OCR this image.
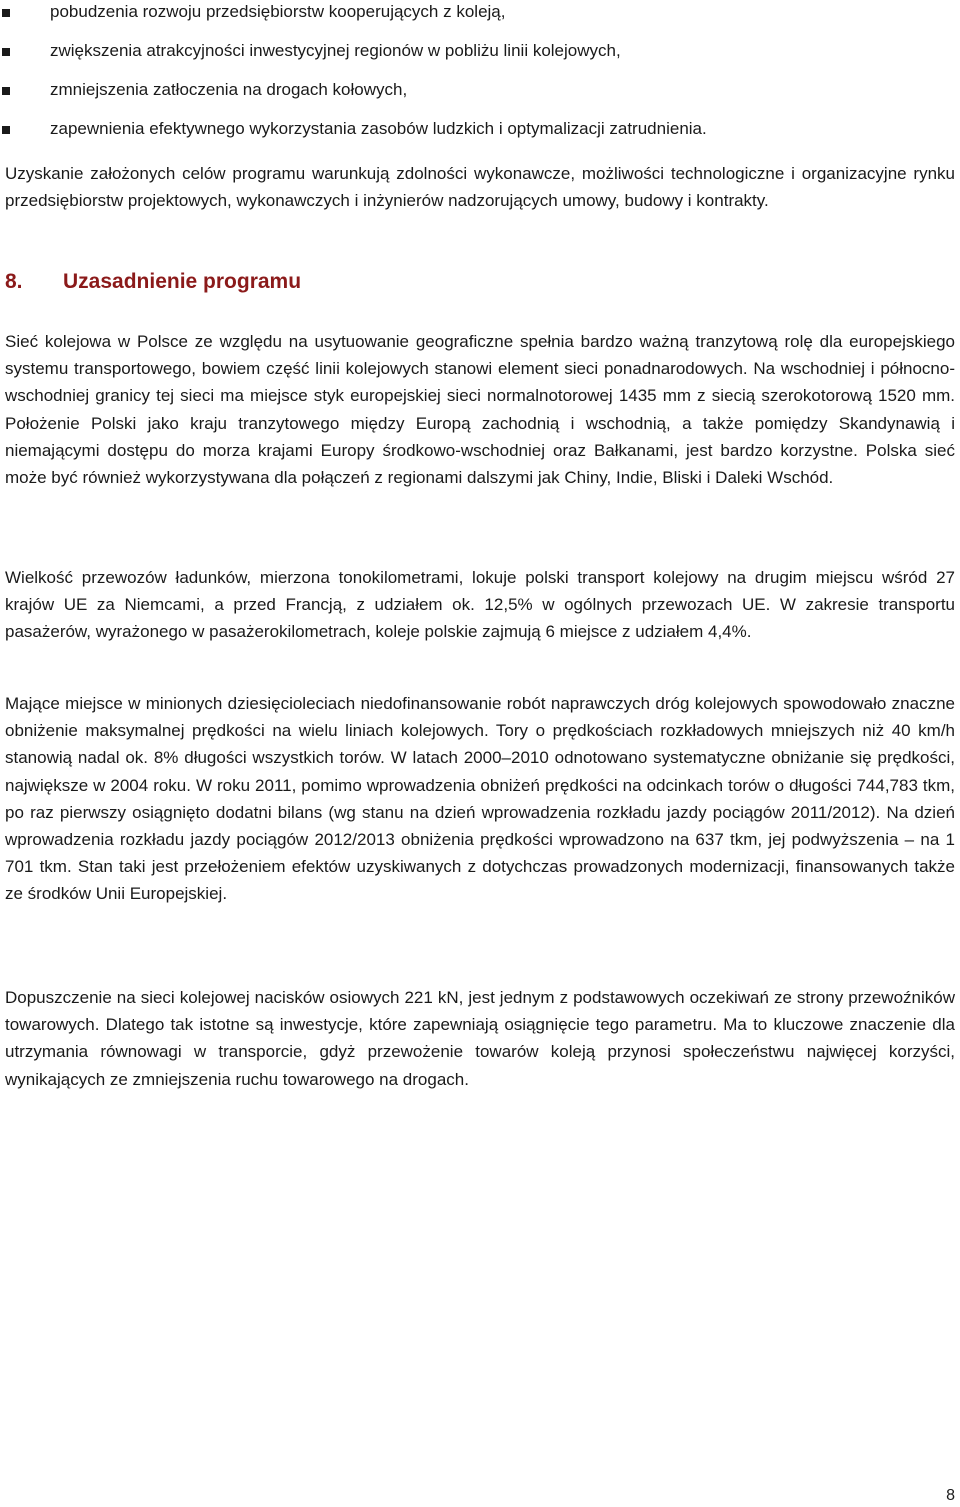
pobudzenia rozwoju przedsiębiorstw kooperujących z koleją,
zwiększenia atrakcyjności inwestycyjnej regionów w pobliżu linii kolejowych,
zmniejszenia zatłoczenia na drogach kołowych,
zapewnienia efektywnego wykorzystania zasobów ludzkich i optymalizacji zatrudnienia.

Uzyskanie założonych celów programu warunkują zdolności wykonawcze, możliwości technologiczne i organizacyjne rynku przedsiębiorstw projektowych, wykonawczych i inżynierów nadzorujących umowy, budowy i kontrakty.

8. Uzasadnienie programu

Sieć kolejowa w Polsce ze względu na usytuowanie geograficzne spełnia bardzo ważną tranzytową rolę dla europejskiego systemu transportowego, bowiem część linii kolejowych stanowi element sieci ponadnarodowych. Na wschodniej i północno-wschodniej granicy tej sieci ma miejsce styk europejskiej sieci normalnotorowej 1435 mm z siecią szerokotorową 1520 mm. Położenie Polski jako kraju tranzytowego między Europą zachodnią i wschodnią, a także pomiędzy Skandynawią i niemającymi dostępu do morza krajami Europy środkowo-wschodniej oraz Bałkanami, jest bardzo korzystne. Polska sieć może być również wykorzystywana dla połączeń z regionami dalszymi jak Chiny, Indie, Bliski i Daleki Wschód.

Wielkość przewozów ładunków, mierzona tonokilometrami, lokuje polski transport kolejowy na drugim miejscu wśród 27 krajów UE za Niemcami, a przed Francją, z udziałem ok. 12,5% w ogólnych przewozach UE. W zakresie transportu pasażerów, wyrażonego w pasażerokilometrach, koleje polskie zajmują 6 miejsce z udziałem 4,4%.

Mające miejsce w minionych dziesięcioleciach niedofinansowanie robót naprawczych dróg kolejowych spowodowało znaczne obniżenie maksymalnej prędkości na wielu liniach kolejowych. Tory o prędkościach rozkładowych mniejszych niż 40 km/h stanowią nadal ok. 8% długości wszystkich torów. W latach 2000–2010 odnotowano systematyczne obniżanie się prędkości, największe w 2004 roku. W roku 2011, pomimo wprowadzenia obniżeń prędkości na odcinkach torów o długości 744,783 tkm, po raz pierwszy osiągnięto dodatni bilans (wg stanu na dzień wprowadzenia rozkładu jazdy pociągów 2011/2012). Na dzień wprowadzenia rozkładu jazdy pociągów 2012/2013 obniżenia prędkości wprowadzono na 637 tkm, jej podwyższenia – na 1 701 tkm. Stan taki jest przełożeniem efektów uzyskiwanych z dotychczas prowadzonych modernizacji, finansowanych także ze środków Unii Europejskiej.

Dopuszczenie na sieci kolejowej nacisków osiowych 221 kN, jest jednym z podstawowych oczekiwań ze strony przewoźników towarowych. Dlatego tak istotne są inwestycje, które zapewniają osiągnięcie tego parametru. Ma to kluczowe znaczenie dla utrzymania równowagi w transporcie, gdyż przewożenie towarów koleją przynosi społeczeństwu najwięcej korzyści, wynikających ze zmniejszenia ruchu towarowego na drogach.

8
